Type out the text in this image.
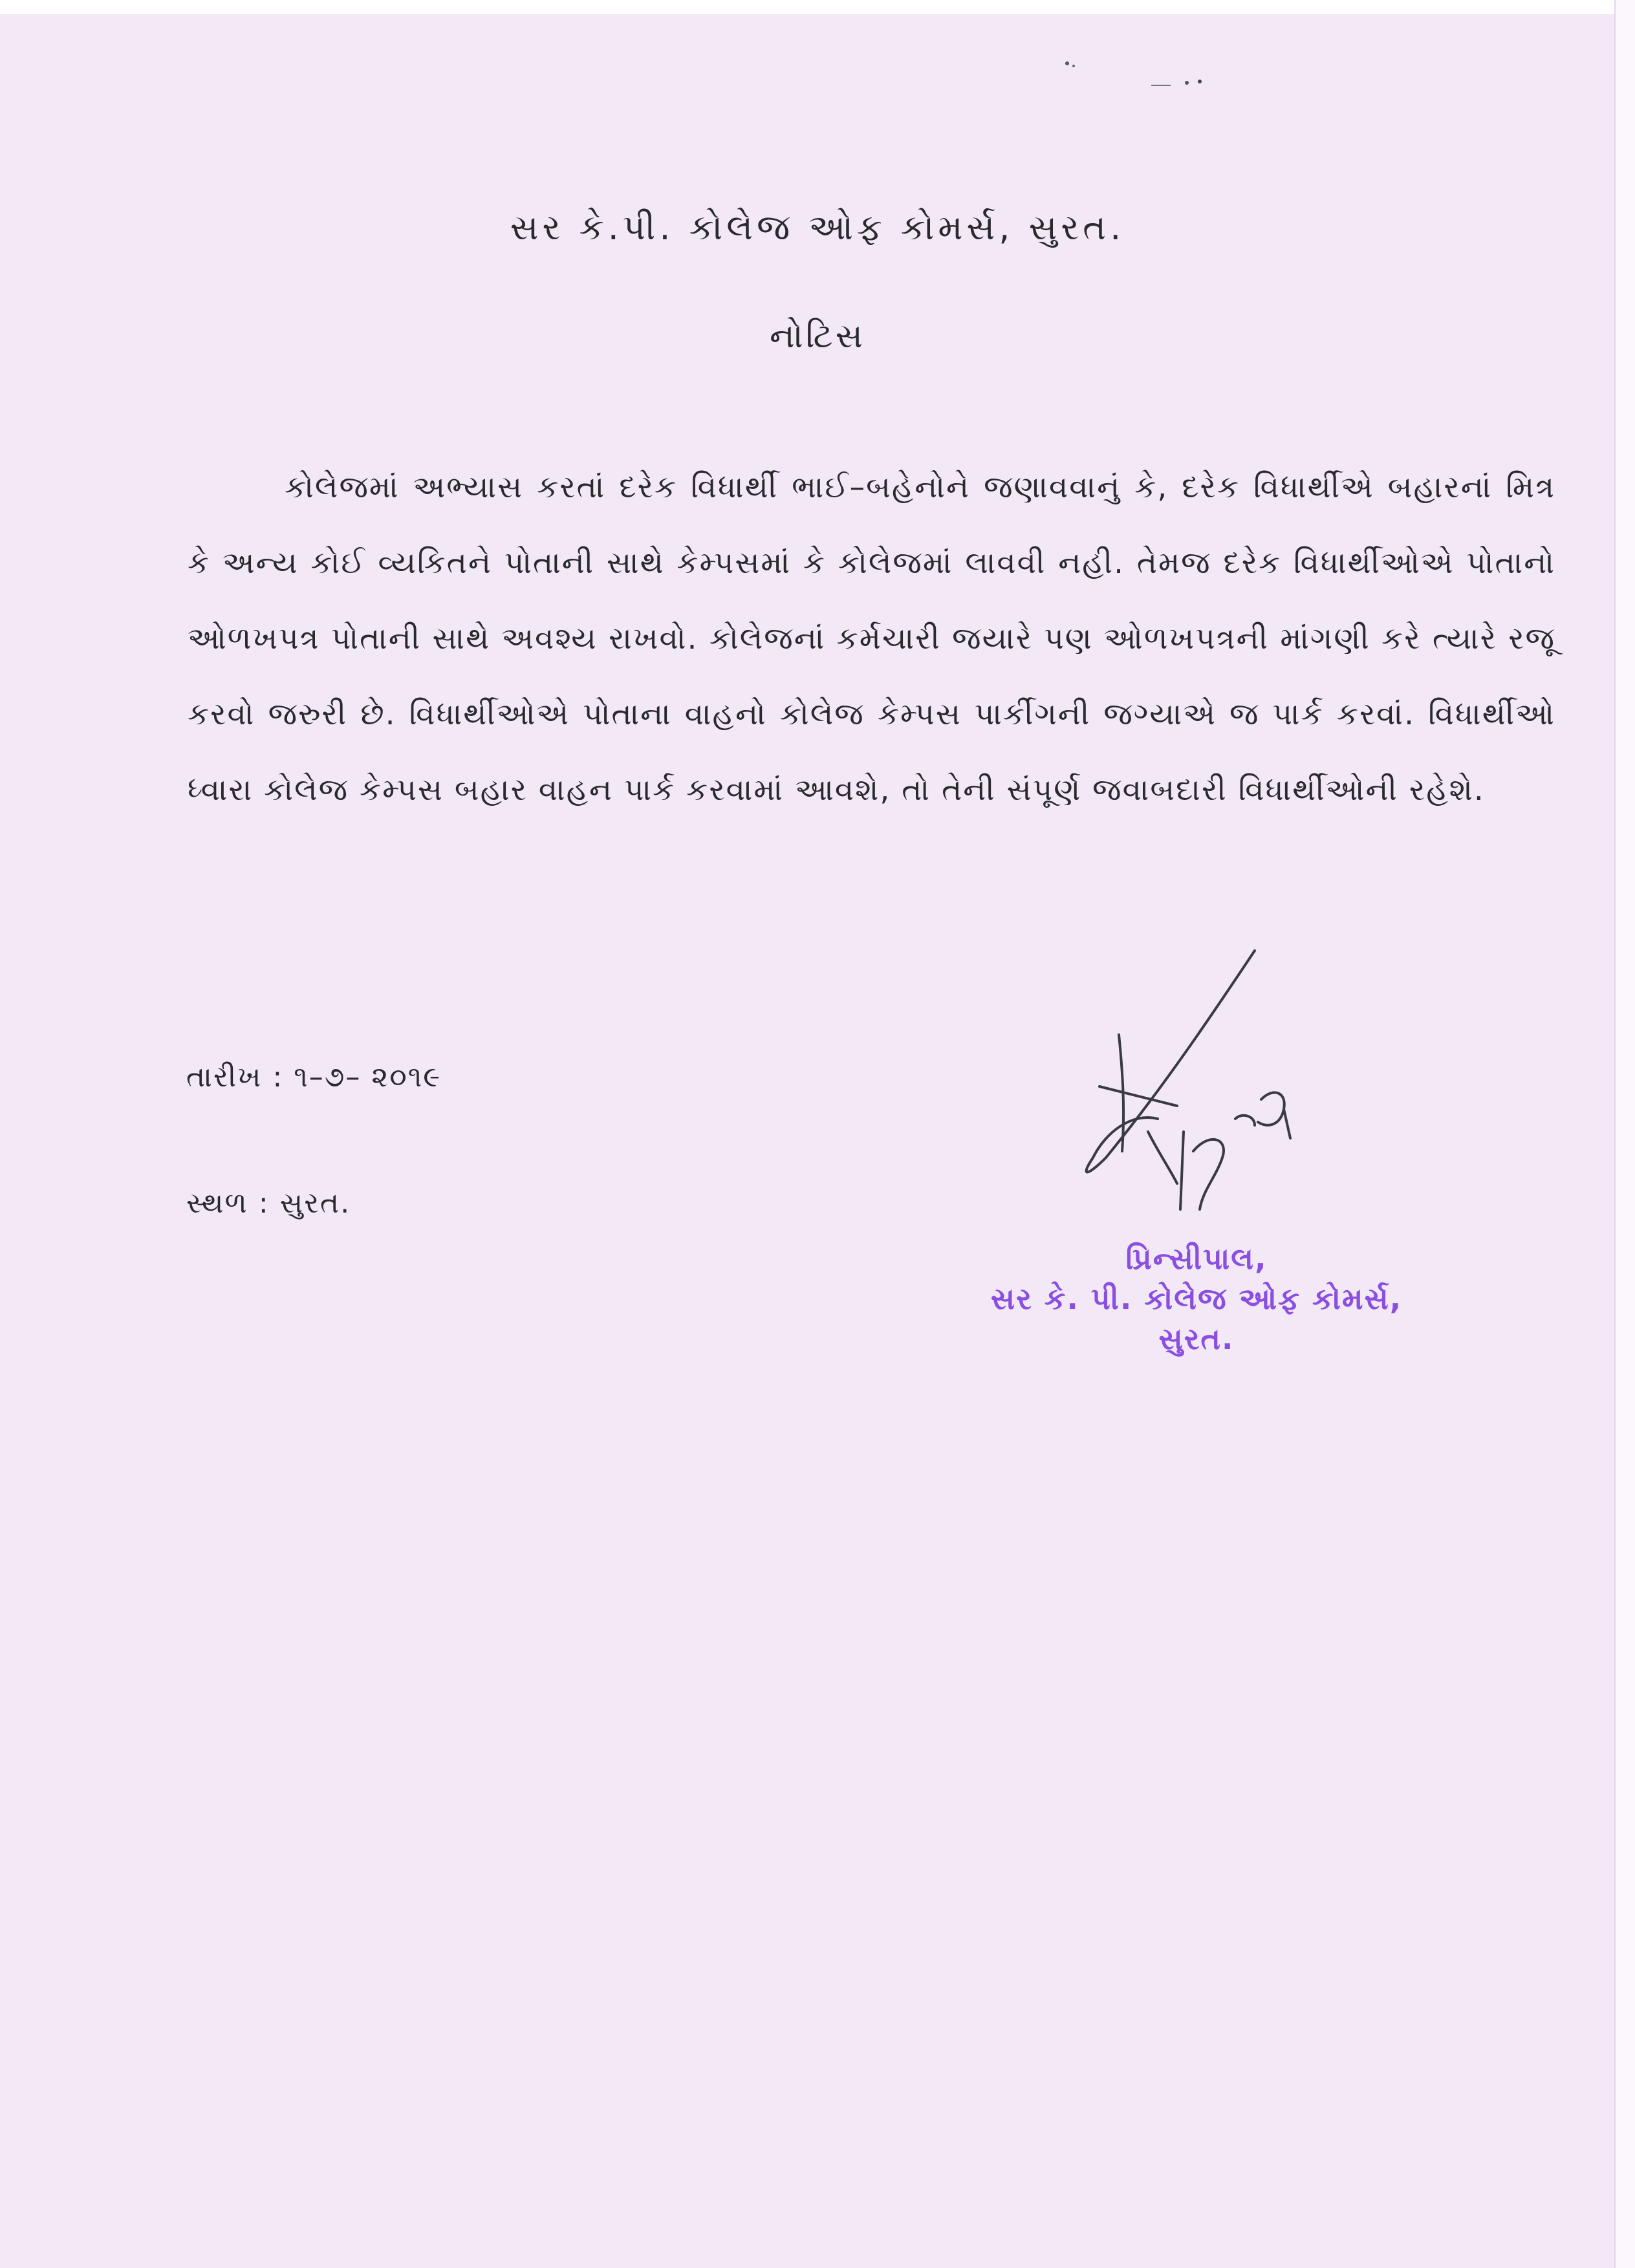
સર કે.પી. કોલેજ ઓફ કોમર્સ, સુરત.
નોટિસ

કોલેજમાં અભ્યાસ કરતાં દરેક વિધાર્થી ભાઈ–બહેનોને જણાવવાનું કે, દરેક વિધાર્થીએ બહારનાં મિત્ર કે અન્ય કોઈ વ્યકિતને પોતાની સાથે કેમ્પસમાં કે કોલેજમાં લાવવી નહી. તેમજ દરેક વિધાર્થીઓએ પોતાનો ઓળખપત્ર પોતાની સાથે અવશ્ય રાખવો. કોલેજનાં કર્મચારી જયારે પણ ઓળખપત્રની માંગણી કરે ત્યારે રજૂ કરવો જરુરી છે. વિધાર્થીઓએ પોતાના વાહનો કોલેજ કેમ્પસ પાર્કીગની જગ્યાએ જ પાર્ક કરવાં. વિધાર્થીઓ ધ્વારા કોલેજ કેમ્પસ બહાર વાહન પાર્ક કરવામાં આવશે, તો તેની સંપૂર્ણ જવાબદારી વિધાર્થીઓની રહેશે.

તારીખ : ૧–૭– ૨૦૧૯
સ્થળ : સુરત.
પ્રિન્સીપાલ,
સર કે. પી. કોલેજ ઓફ કોમર્સ,
સુરત.
